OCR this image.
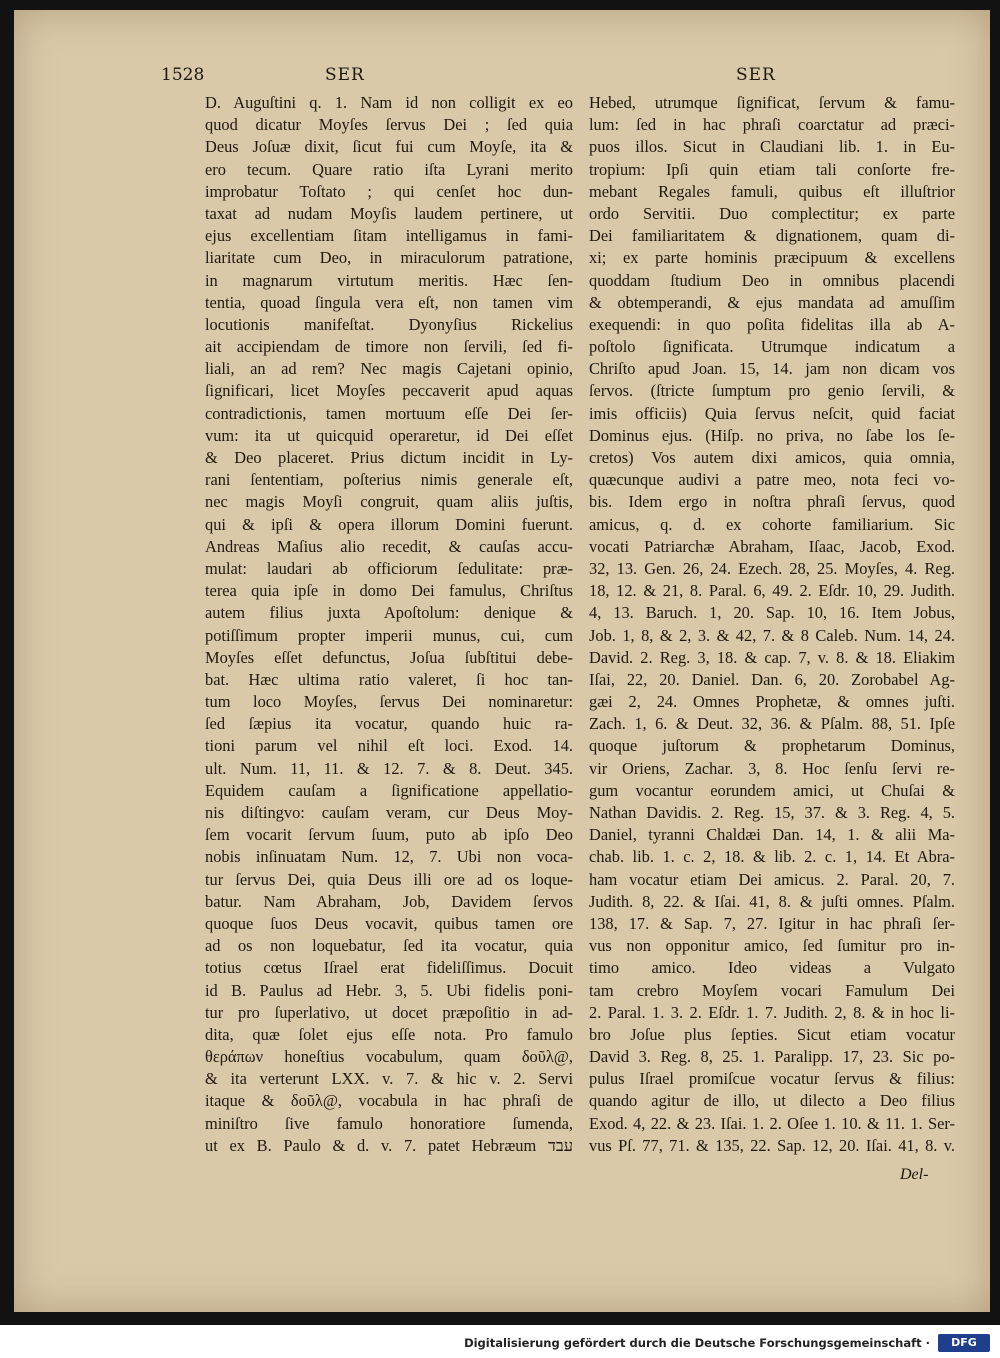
1528	SER	SER
D. Auguſtini q. 1. Nam id non colligit ex eo
quod dicatur Moyſes ſervus Dei ; ſed quia
Deus Joſuæ dixit, ſicut fui cum Moyſe, ita &
ero tecum. Quare ratio iſta Lyrani merito
improbatur Toſtato ; qui cenſet hoc dun-
taxat ad nudam Moyſis laudem pertinere, ut
ejus excellentiam ſitam intelligamus in fami-
liaritate cum Deo, in miraculorum patratione,
in magnarum virtutum meritis. Hæc ſen-
tentia, quoad ſingula vera eſt, non tamen vim
locutionis manifeſtat. Dyonyſius Rickelius
ait accipiendam de timore non ſervili, ſed fi-
liali, an ad rem? Nec magis Cajetani opinio,
ſignificari, licet Moyſes peccaverit apud aquas
contradictionis, tamen mortuum eſſe Dei ſer-
vum: ita ut quicquid operaretur, id Dei eſſet
& Deo placeret. Prius dictum incidit in Ly-
rani ſententiam, poſterius nimis generale eſt,
nec magis Moyſi congruit, quam aliis juſtis,
qui & ipſi & opera illorum Domini fuerunt.
Andreas Maſius alio recedit, & cauſas accu-
mulat: laudari ab officiorum ſedulitate: præ-
terea quia ipſe in domo Dei famulus, Chriſtus
autem filius juxta Apoſtolum: denique &
potiſſimum propter imperii munus, cui, cum
Moyſes eſſet defunctus, Joſua ſubſtitui debe-
bat. Hæc ultima ratio valeret, ſi hoc tan-
tum loco Moyſes, ſervus Dei nominaretur:
ſed ſæpius ita vocatur, quando huic ra-
tioni parum vel nihil eſt loci. Exod. 14.
ult. Num. 11, 11. & 12. 7. & 8. Deut. 345.
Equidem cauſam a ſignificatione appellatio-
nis diſtingvo: cauſam veram, cur Deus Moy-
ſem vocarit ſervum ſuum, puto ab ipſo Deo
nobis inſinuatam Num. 12, 7. Ubi non voca-
tur ſervus Dei, quia Deus illi ore ad os loque-
batur. Nam Abraham, Job, Davidem ſervos
quoque ſuos Deus vocavit, quibus tamen ore
ad os non loquebatur, ſed ita vocatur, quia
totius cœtus Iſrael erat fideliſſimus. Docuit
id B. Paulus ad Hebr. 3, 5. Ubi fidelis poni-
tur pro ſuperlativo, ut docet præpoſitio in ad-
dita, quæ ſolet ejus eſſe nota. Pro famulo
θεράπων honeſtius vocabulum, quam δοῦλ@,
& ita verterunt LXX. v. 7. & hic v. 2. Servi
itaque & δοῦλ@, vocabula in hac phraſi de
miniſtro ſive famulo honoratiore ſumenda,
ut ex B. Paulo & d. v. 7. patet Hebræum עבד
Hebed, utrumque ſignificat, ſervum & famu-
lum: ſed in hac phraſi coarctatur ad præci-
puos illos. Sicut in Claudiani lib. 1. in Eu-
tropium: Ipſi quin etiam tali conſorte fre-
mebant Regales famuli, quibus eſt illuſtrior
ordo Servitii. Duo complectitur; ex parte
Dei familiaritatem & dignationem, quam di-
xi; ex parte hominis præcipuum & excellens
quoddam ſtudium Deo in omnibus placendi
& obtemperandi, & ejus mandata ad amuſſim
exequendi: in quo poſita fidelitas illa ab A-
poſtolo ſignificata. Utrumque indicatum a
Chriſto apud Joan. 15, 14. jam non dicam vos
ſervos. (ſtricte ſumptum pro genio ſervili, &
imis officiis) Quia ſervus neſcit, quid faciat
Dominus ejus. (Hiſp. no priva, no ſabe los ſe-
cretos) Vos autem dixi amicos, quia omnia,
quæcunque audivi a patre meo, nota feci vo-
bis. Idem ergo in noſtra phraſi ſervus, quod
amicus, q. d. ex cohorte familiarium. Sic
vocati Patriarchæ Abraham, Iſaac, Jacob, Exod.
32, 13. Gen. 26, 24. Ezech. 28, 25. Moyſes, 4. Reg.
18, 12. & 21, 8. Paral. 6, 49. 2. Eſdr. 10, 29. Judith.
4, 13. Baruch. 1, 20. Sap. 10, 16. Item Jobus,
Job. 1, 8, & 2, 3. & 42, 7. & 8 Caleb. Num. 14, 24.
David. 2. Reg. 3, 18. & cap. 7, v. 8. & 18. Eliakim
Iſai, 22, 20. Daniel. Dan. 6, 20. Zorobabel Ag-
gæi 2, 24. Omnes Prophetæ, & omnes juſti.
Zach. 1, 6. & Deut. 32, 36. & Pſalm. 88, 51. Ipſe
quoque juſtorum & prophetarum Dominus,
vir Oriens, Zachar. 3, 8. Hoc ſenſu ſervi re-
gum vocantur eorundem amici, ut Chuſai &
Nathan Davidis. 2. Reg. 15, 37. & 3. Reg. 4, 5.
Daniel, tyranni Chaldæi Dan. 14, 1. & alii Ma-
chab. lib. 1. c. 2, 18. & lib. 2. c. 1, 14. Et Abra-
ham vocatur etiam Dei amicus. 2. Paral. 20, 7.
Judith. 8, 22. & Iſai. 41, 8. & juſti omnes. Pſalm.
138, 17. & Sap. 7, 27. Igitur in hac phraſi ſer-
vus non opponitur amico, ſed ſumitur pro in-
timo amico. Ideo videas a Vulgato
tam crebro Moyſem vocari Famulum Dei
2. Paral. 1. 3. 2. Eſdr. 1. 7. Judith. 2, 8. & in hoc li-
bro Joſue plus ſepties. Sicut etiam vocatur
David 3. Reg. 8, 25. 1. Paralipp. 17, 23. Sic po-
pulus Iſrael promiſcue vocatur ſervus & filius:
quando agitur de illo, ut dilecto a Deo filius
Exod. 4, 22. & 23. Iſai. 1. 2. Oſee 1. 10. & 11. 1. Ser-
vus Pſ. 77, 71. & 135, 22. Sap. 12, 20. Iſai. 41, 8. v.
Del-
Digitalisierung gefördert durch die Deutsche Forschungsgemeinschaft ·	DFG
